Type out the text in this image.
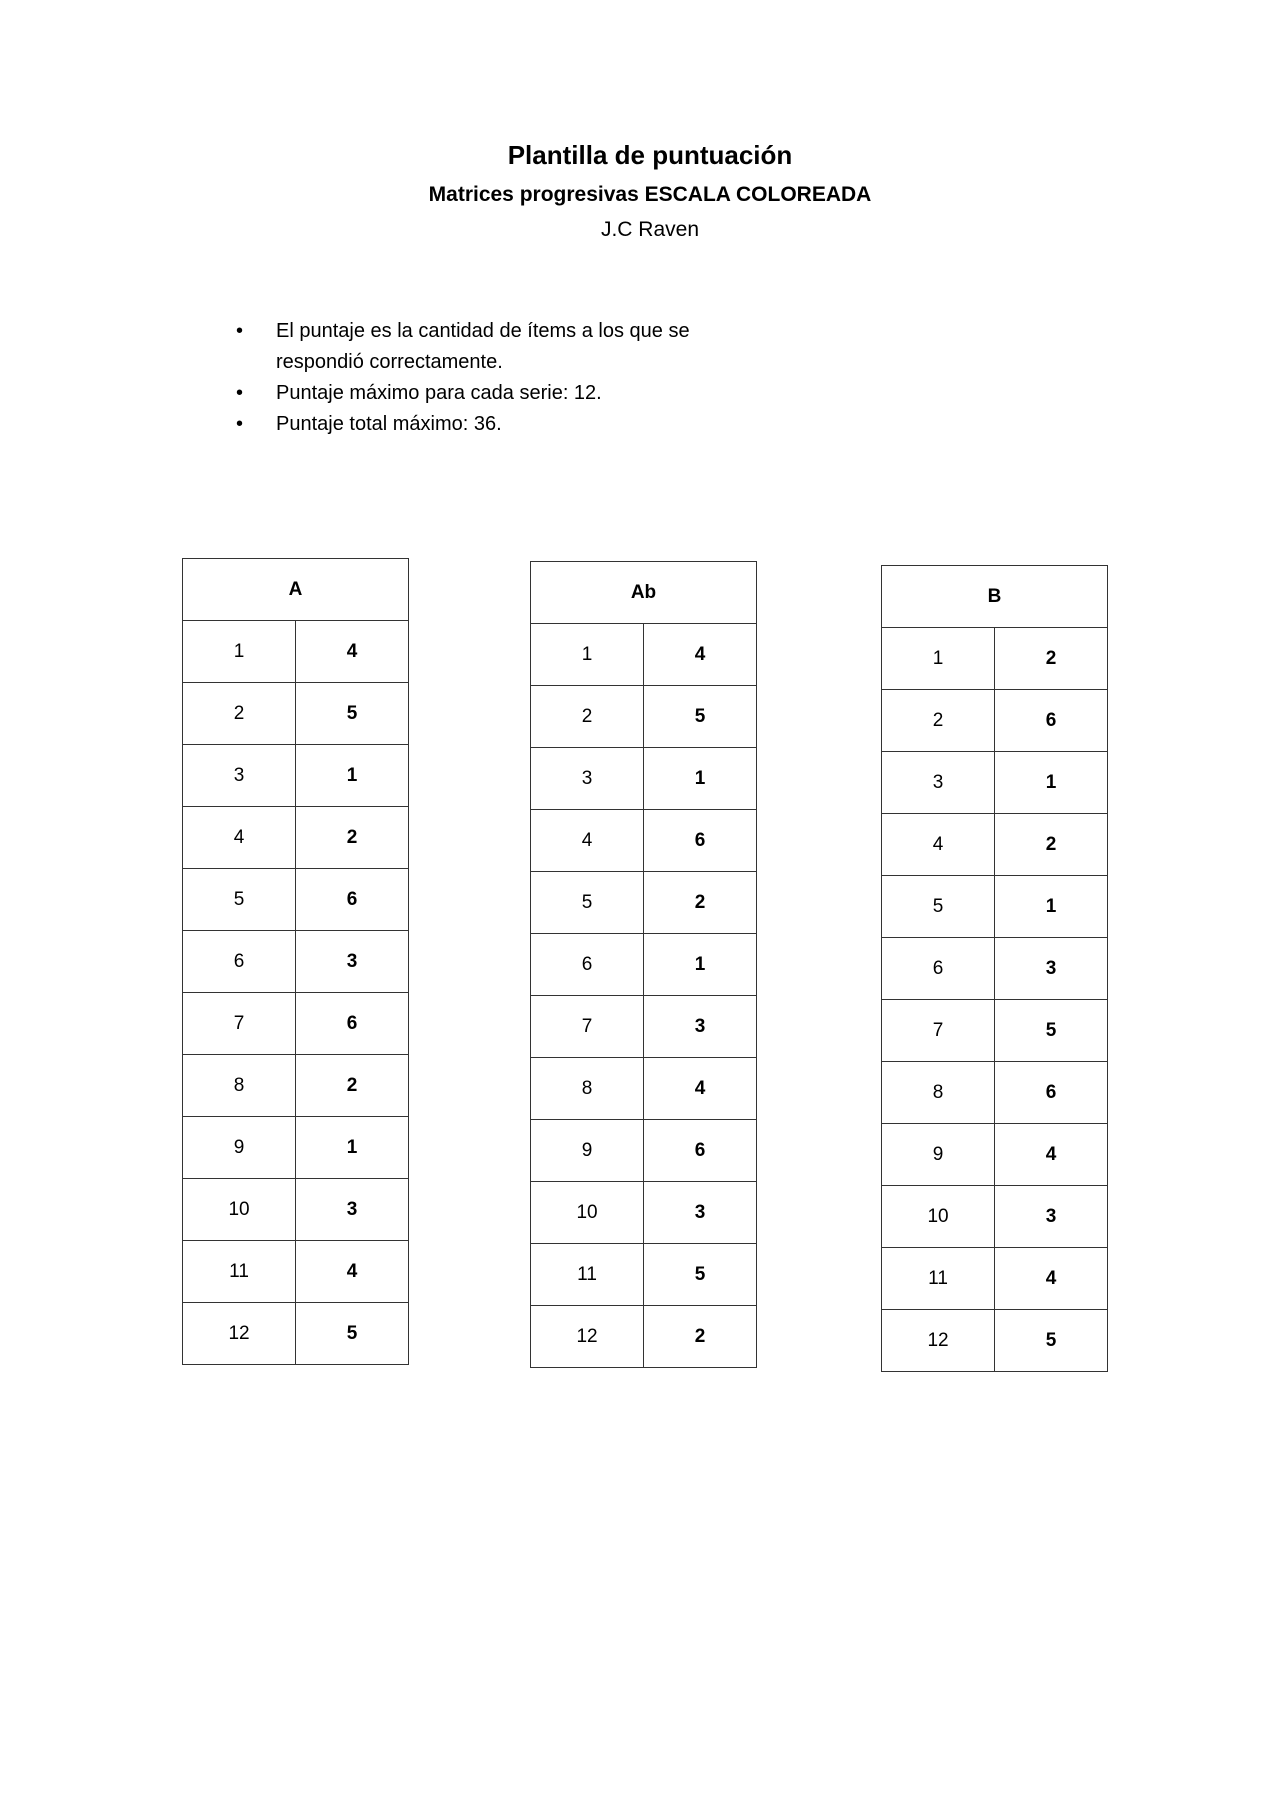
Plantilla de puntuación
Matrices progresivas ESCALA COLOREADA
J.C Raven
• El puntaje es la cantidad de ítems a los que se respondió correctamente.
• Puntaje máximo para cada serie: 12.
• Puntaje total máximo: 36.
A	
1	4
2	5
3	1
4	2
5	6
6	3
7	6
8	2
9	1
10	3
11	4
12	5
Ab	
1	4
2	5
3	1
4	6
5	2
6	1
7	3
8	4
9	6
10	3
11	5
12	2
B	
1	2
2	6
3	1
4	2
5	1
6	3
7	5
8	6
9	4
10	3
11	4
12	5
